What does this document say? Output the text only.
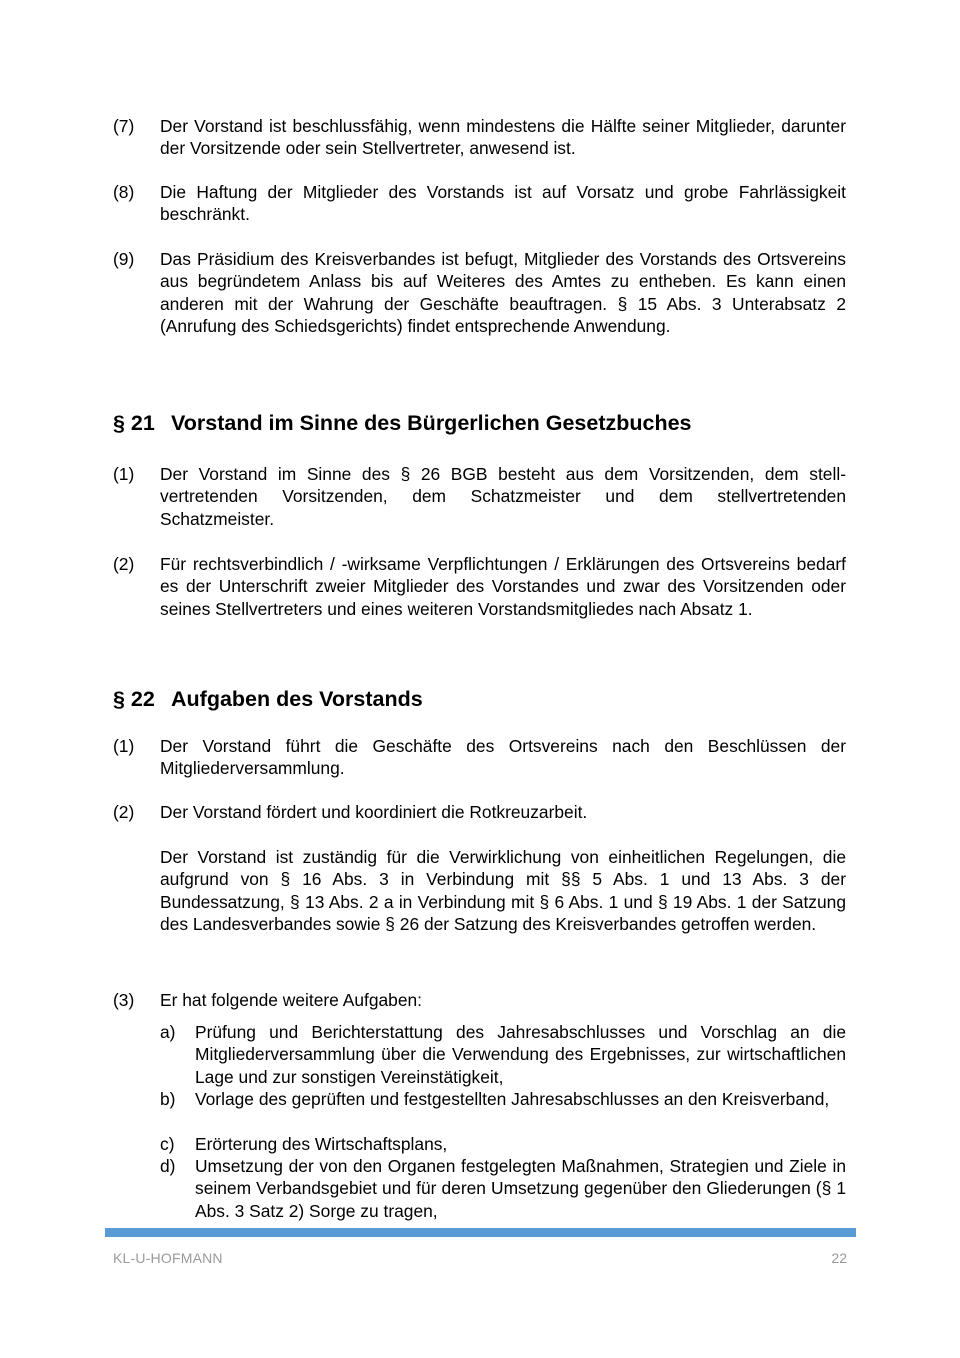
(7) Der Vorstand ist beschlussfähig, wenn mindestens die Hälfte seiner Mitglieder, darunter der Vorsitzende oder sein Stellvertreter, anwesend ist.
(8) Die Haftung der Mitglieder des Vorstands ist auf Vorsatz und grobe Fahrlässigkeit beschränkt.
(9) Das Präsidium des Kreisverbandes ist befugt, Mitglieder des Vorstands des Ortsvereins aus begründetem Anlass bis auf Weiteres des Amtes zu entheben. Es kann einen anderen mit der Wahrung der Geschäfte beauftragen. § 15 Abs. 3 Unterabsatz 2 (Anrufung des Schiedsgerichts) findet entsprechende Anwendung.
§ 21 Vorstand im Sinne des Bürgerlichen Gesetzbuches
(1) Der Vorstand im Sinne des § 26 BGB besteht aus dem Vorsitzenden, dem stellvertretenden Vorsitzenden, dem Schatzmeister und dem stellvertretenden Schatzmeister.
(2) Für rechtsverbindlich / -wirksame Verpflichtungen / Erklärungen des Ortsvereins bedarf es der Unterschrift zweier Mitglieder des Vorstandes und zwar des Vorsitzenden oder seines Stellvertreters und eines weiteren Vorstandsmitgliedes nach Absatz 1.
§ 22 Aufgaben des Vorstands
(1) Der Vorstand führt die Geschäfte des Ortsvereins nach den Beschlüssen der Mitgliederversammlung.
(2) Der Vorstand fördert und koordiniert die Rotkreuzarbeit.
Der Vorstand ist zuständig für die Verwirklichung von einheitlichen Regelungen, die aufgrund von § 16 Abs. 3 in Verbindung mit §§ 5 Abs. 1 und 13 Abs. 3 der Bundessatzung, § 13 Abs. 2 a in Verbindung mit § 6 Abs. 1 und § 19 Abs. 1 der Satzung des Landesverbandes sowie § 26 der Satzung des Kreisverbandes getroffen werden.
(3) Er hat folgende weitere Aufgaben:
a) Prüfung und Berichterstattung des Jahresabschlusses und Vorschlag an die Mitgliederversammlung über die Verwendung des Ergebnisses, zur wirtschaftlichen Lage und zur sonstigen Vereinstätigkeit,
b) Vorlage des geprüften und festgestellten Jahresabschlusses an den Kreisverband,
c) Erörterung des Wirtschaftsplans,
d) Umsetzung der von den Organen festgelegten Maßnahmen, Strategien und Ziele in seinem Verbandsgebiet und für deren Umsetzung gegenüber den Gliederungen (§ 1 Abs. 3 Satz 2) Sorge zu tragen,
KL-U-HOFMANN	22
